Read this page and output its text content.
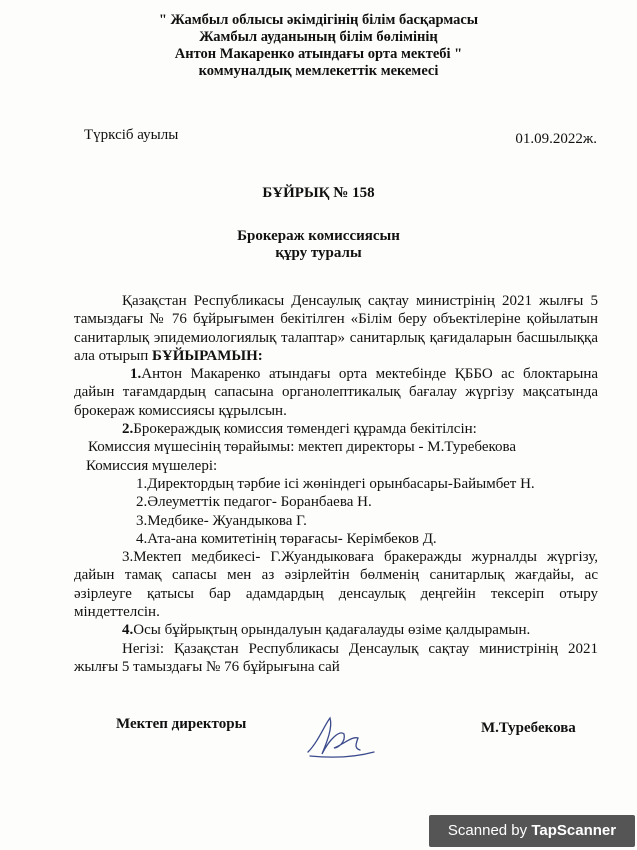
" Жамбыл облысы әкімдігінің білім басқармасы
Жамбыл ауданының білім бөлімінің
Антон Макаренко атындағы орта мектебі "
коммуналдық мемлекеттік мекемесі
Түрксіб ауылы	01.09.2022ж.
БҰЙРЫҚ № 158
Брокераж комиссиясын
құру туралы
Қазақстан Республикасы Денсаулық сақтау министрінің 2021 жылғы 5 тамыздағы № 76 бұйрығымен бекітілген «Білім беру объектілеріне қойылатын санитарлық эпидемиологиялық талаптар» санитарлық қағидаларын басшылыққа ала отырып БҰЙЫРАМЫН:
1.Антон Макаренко атындағы орта мектебінде ҚББО ас блоктарына дайын тағамдардың сапасына органолептикалық бағалау жүргізу мақсатында брокераж комиссиясы құрылсын.
2.Брокераждық комиссия төмендегі құрамда бекітілсін:
Комиссия мүшесінің төрайымы: мектеп директоры - М.Туребекова
Комиссия мүшелері:
1.Директордың тәрбие ісі жөніндегі орынбасары-Байымбет Н.
2.Әлеуметтік педагог- Боранбаева Н.
3.Медбике- Жуандыкова Г.
4.Ата-ана комитетінің төрағасы- Керімбеков Д.
3.Мектеп медбикесі- Г.Жуандыковаға бракеражды журналды жүргізу, дайын тамақ сапасы мен аз әзірлейтін бөлменің санитарлық жағдайы, ас әзірлеуге қатысы бар адамдардың денсаулық деңгейін тексеріп отыру міндеттелсін.
4.Осы бұйрықтың орындалуын қадағалауды өзіме қалдырамын.
Негізі: Қазақстан Республикасы Денсаулық сақтау министрінің 2021 жылғы 5 тамыздағы № 76 бұйрығына сай
Мектеп директоры	М.Туребекова
Scanned by TapScanner
